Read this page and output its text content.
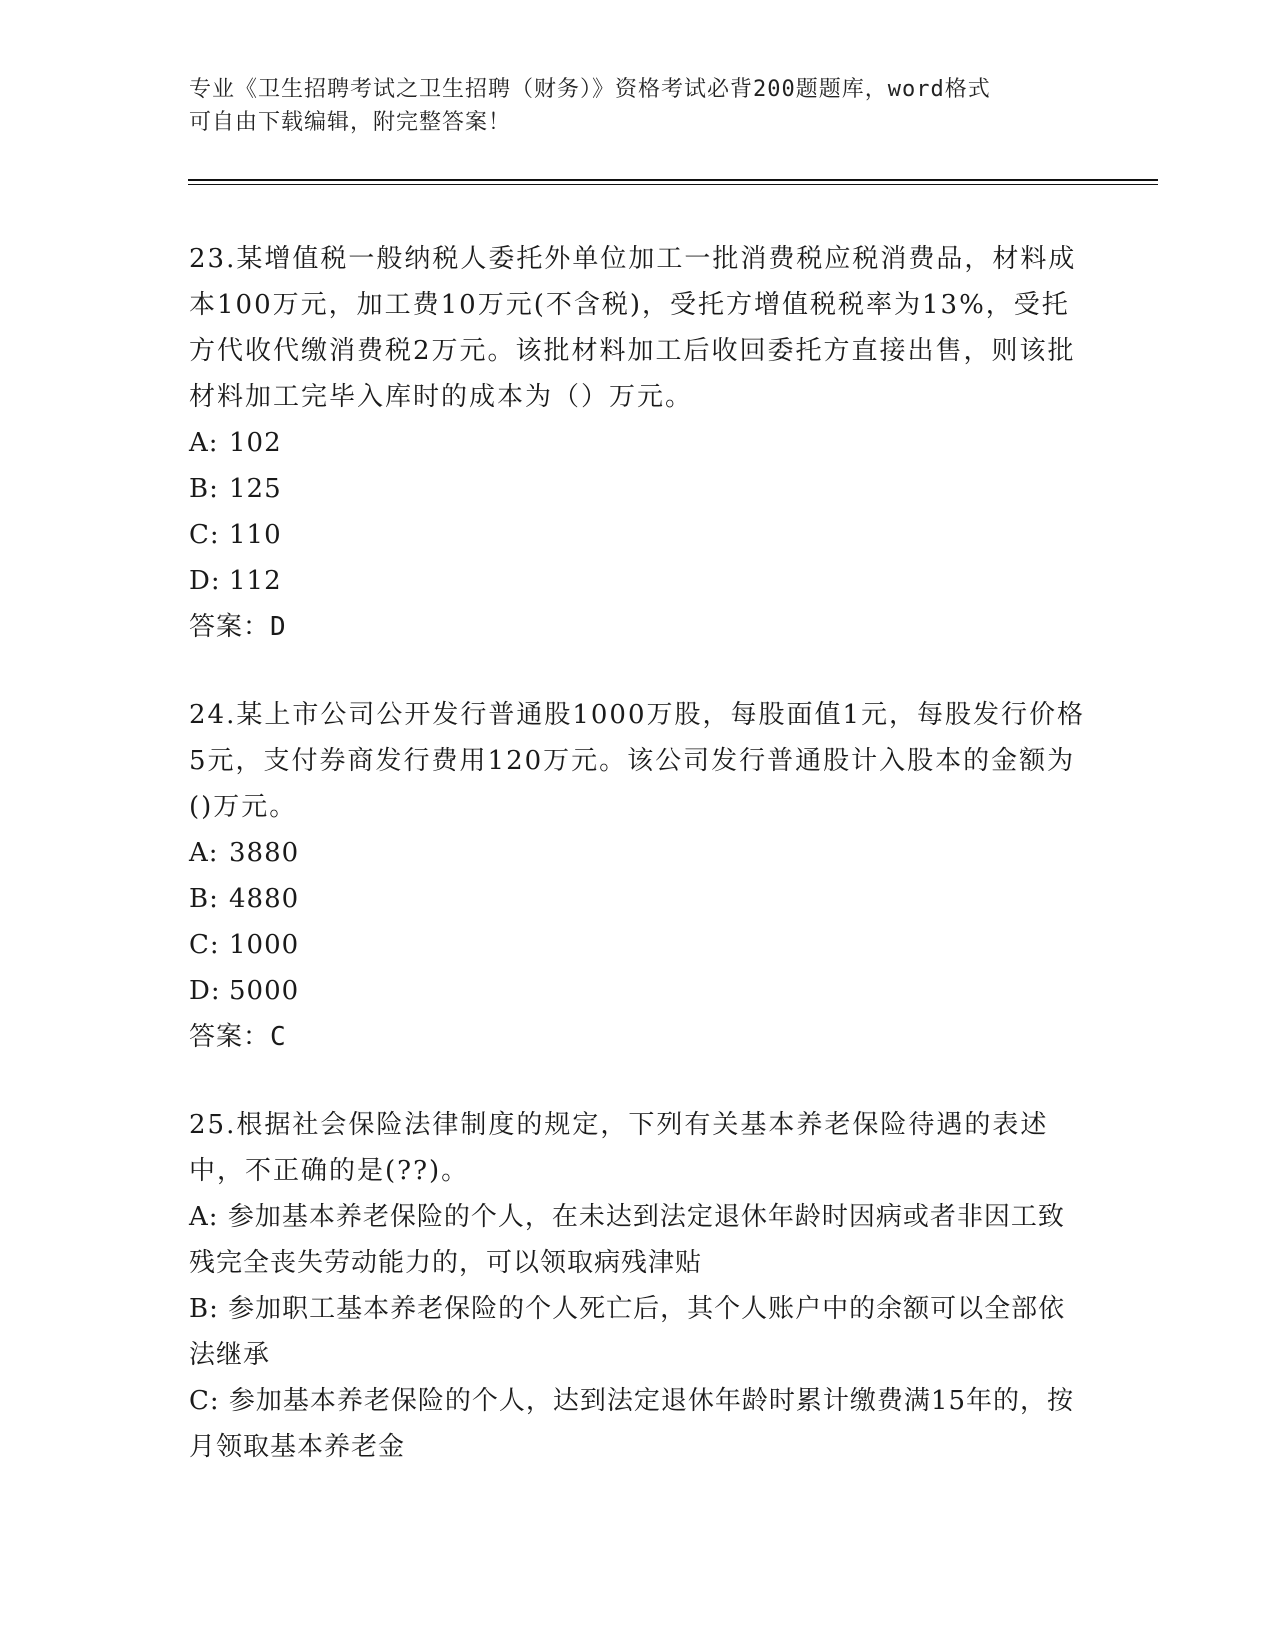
专业《卫生招聘考试之卫生招聘（财务）》资格考试必背200题题库，word格式
可自由下载编辑，附完整答案！

23.某增值税一般纳税人委托外单位加工一批消费税应税消费品，材料成本100万元，加工费10万元(不含税)，受托方增值税税率为13%，受托方代收代缴消费税2万元。该批材料加工后收回委托方直接出售，则该批材料加工完毕入库时的成本为（）万元。

A: 102

B: 125

C: 110

D: 112

答案：D

24.某上市公司公开发行普通股1000万股，每股面值1元，每股发行价格5元，支付券商发行费用120万元。该公司发行普通股计入股本的金额为()万元。

A: 3880

B: 4880

C: 1000

D: 5000

答案：C

25.根据社会保险法律制度的规定，下列有关基本养老保险待遇的表述中，不正确的是(??)。

A: 参加基本养老保险的个人，在未达到法定退休年龄时因病或者非因工致残完全丧失劳动能力的，可以领取病残津贴

B: 参加职工基本养老保险的个人死亡后，其个人账户中的余额可以全部依法继承

C: 参加基本养老保险的个人，达到法定退休年龄时累计缴费满15年的，按月领取基本养老金
